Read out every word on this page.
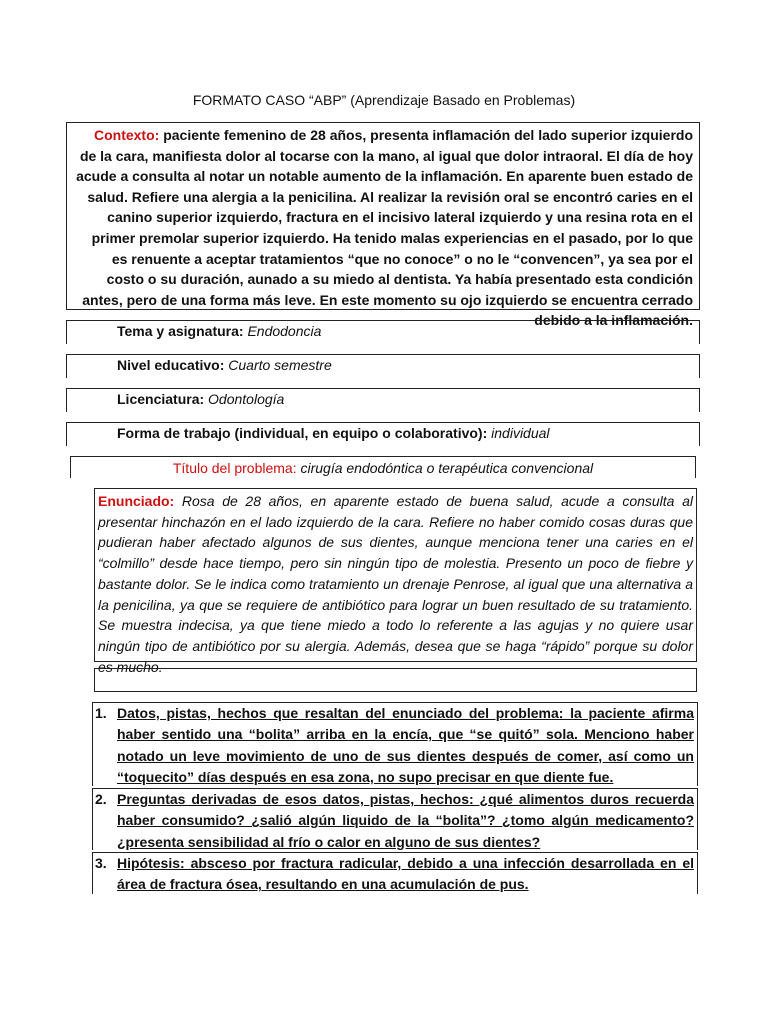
FORMATO CASO “ABP” (Aprendizaje Basado en Problemas)
Contexto: paciente femenino de 28 años, presenta inflamación del lado superior izquierdo de la cara, manifiesta dolor al tocarse con la mano, al igual que dolor intraoral. El día de hoy acude a consulta al notar un notable aumento de la inflamación. En aparente buen estado de salud. Refiere una alergia a la penicilina. Al realizar la revisión oral se encontró caries en el canino superior izquierdo, fractura en el incisivo lateral izquierdo y una resina rota en el primer premolar superior izquierdo. Ha tenido malas experiencias en el pasado, por lo que es renuente a aceptar tratamientos “que no conoce” o no le “convencen”, ya sea por el costo o su duración, aunado a su miedo al dentista. Ya había presentado esta condición antes, pero de una forma más leve. En este momento su ojo izquierdo se encuentra cerrado debido a la inflamación.
Tema y asignatura: Endodoncia
Nivel educativo: Cuarto semestre
Licenciatura: Odontología
Forma de trabajo (individual, en equipo o colaborativo): individual
Título del problema: cirugía endodóntica o terapéutica convencional
Enunciado: Rosa de 28 años, en aparente estado de buena salud, acude a consulta al presentar hinchazón en el lado izquierdo de la cara. Refiere no haber comido cosas duras que pudieran haber afectado algunos de sus dientes, aunque menciona tener una caries en el “colmillo” desde hace tiempo, pero sin ningún tipo de molestia. Presento un poco de fiebre y bastante dolor. Se le indica como tratamiento un drenaje Penrose, al igual que una alternativa a la penicilina, ya que se requiere de antibiótico para lograr un buen resultado de su tratamiento. Se muestra indecisa, ya que tiene miedo a todo lo referente a las agujas y no quiere usar ningún tipo de antibiótico por su alergia. Además, desea que se haga “rápido” porque su dolor es mucho.
1. Datos, pistas, hechos que resaltan del enunciado del problema: la paciente afirma haber sentido una “bolita” arriba en la encía, que “se quitó” sola. Menciono haber notado un leve movimiento de uno de sus dientes después de comer, así como un “toquecito” días después en esa zona, no supo precisar en que diente fue.
2. Preguntas derivadas de esos datos, pistas, hechos: ¿qué alimentos duros recuerda haber consumido? ¿salió algún liquido de la “bolita”? ¿tomo algún medicamento? ¿presenta sensibilidad al frío o calor en alguno de sus dientes?
3. Hipótesis: absceso por fractura radicular, debido a una infección desarrollada en el área de fractura ósea, resultando en una acumulación de pus.
